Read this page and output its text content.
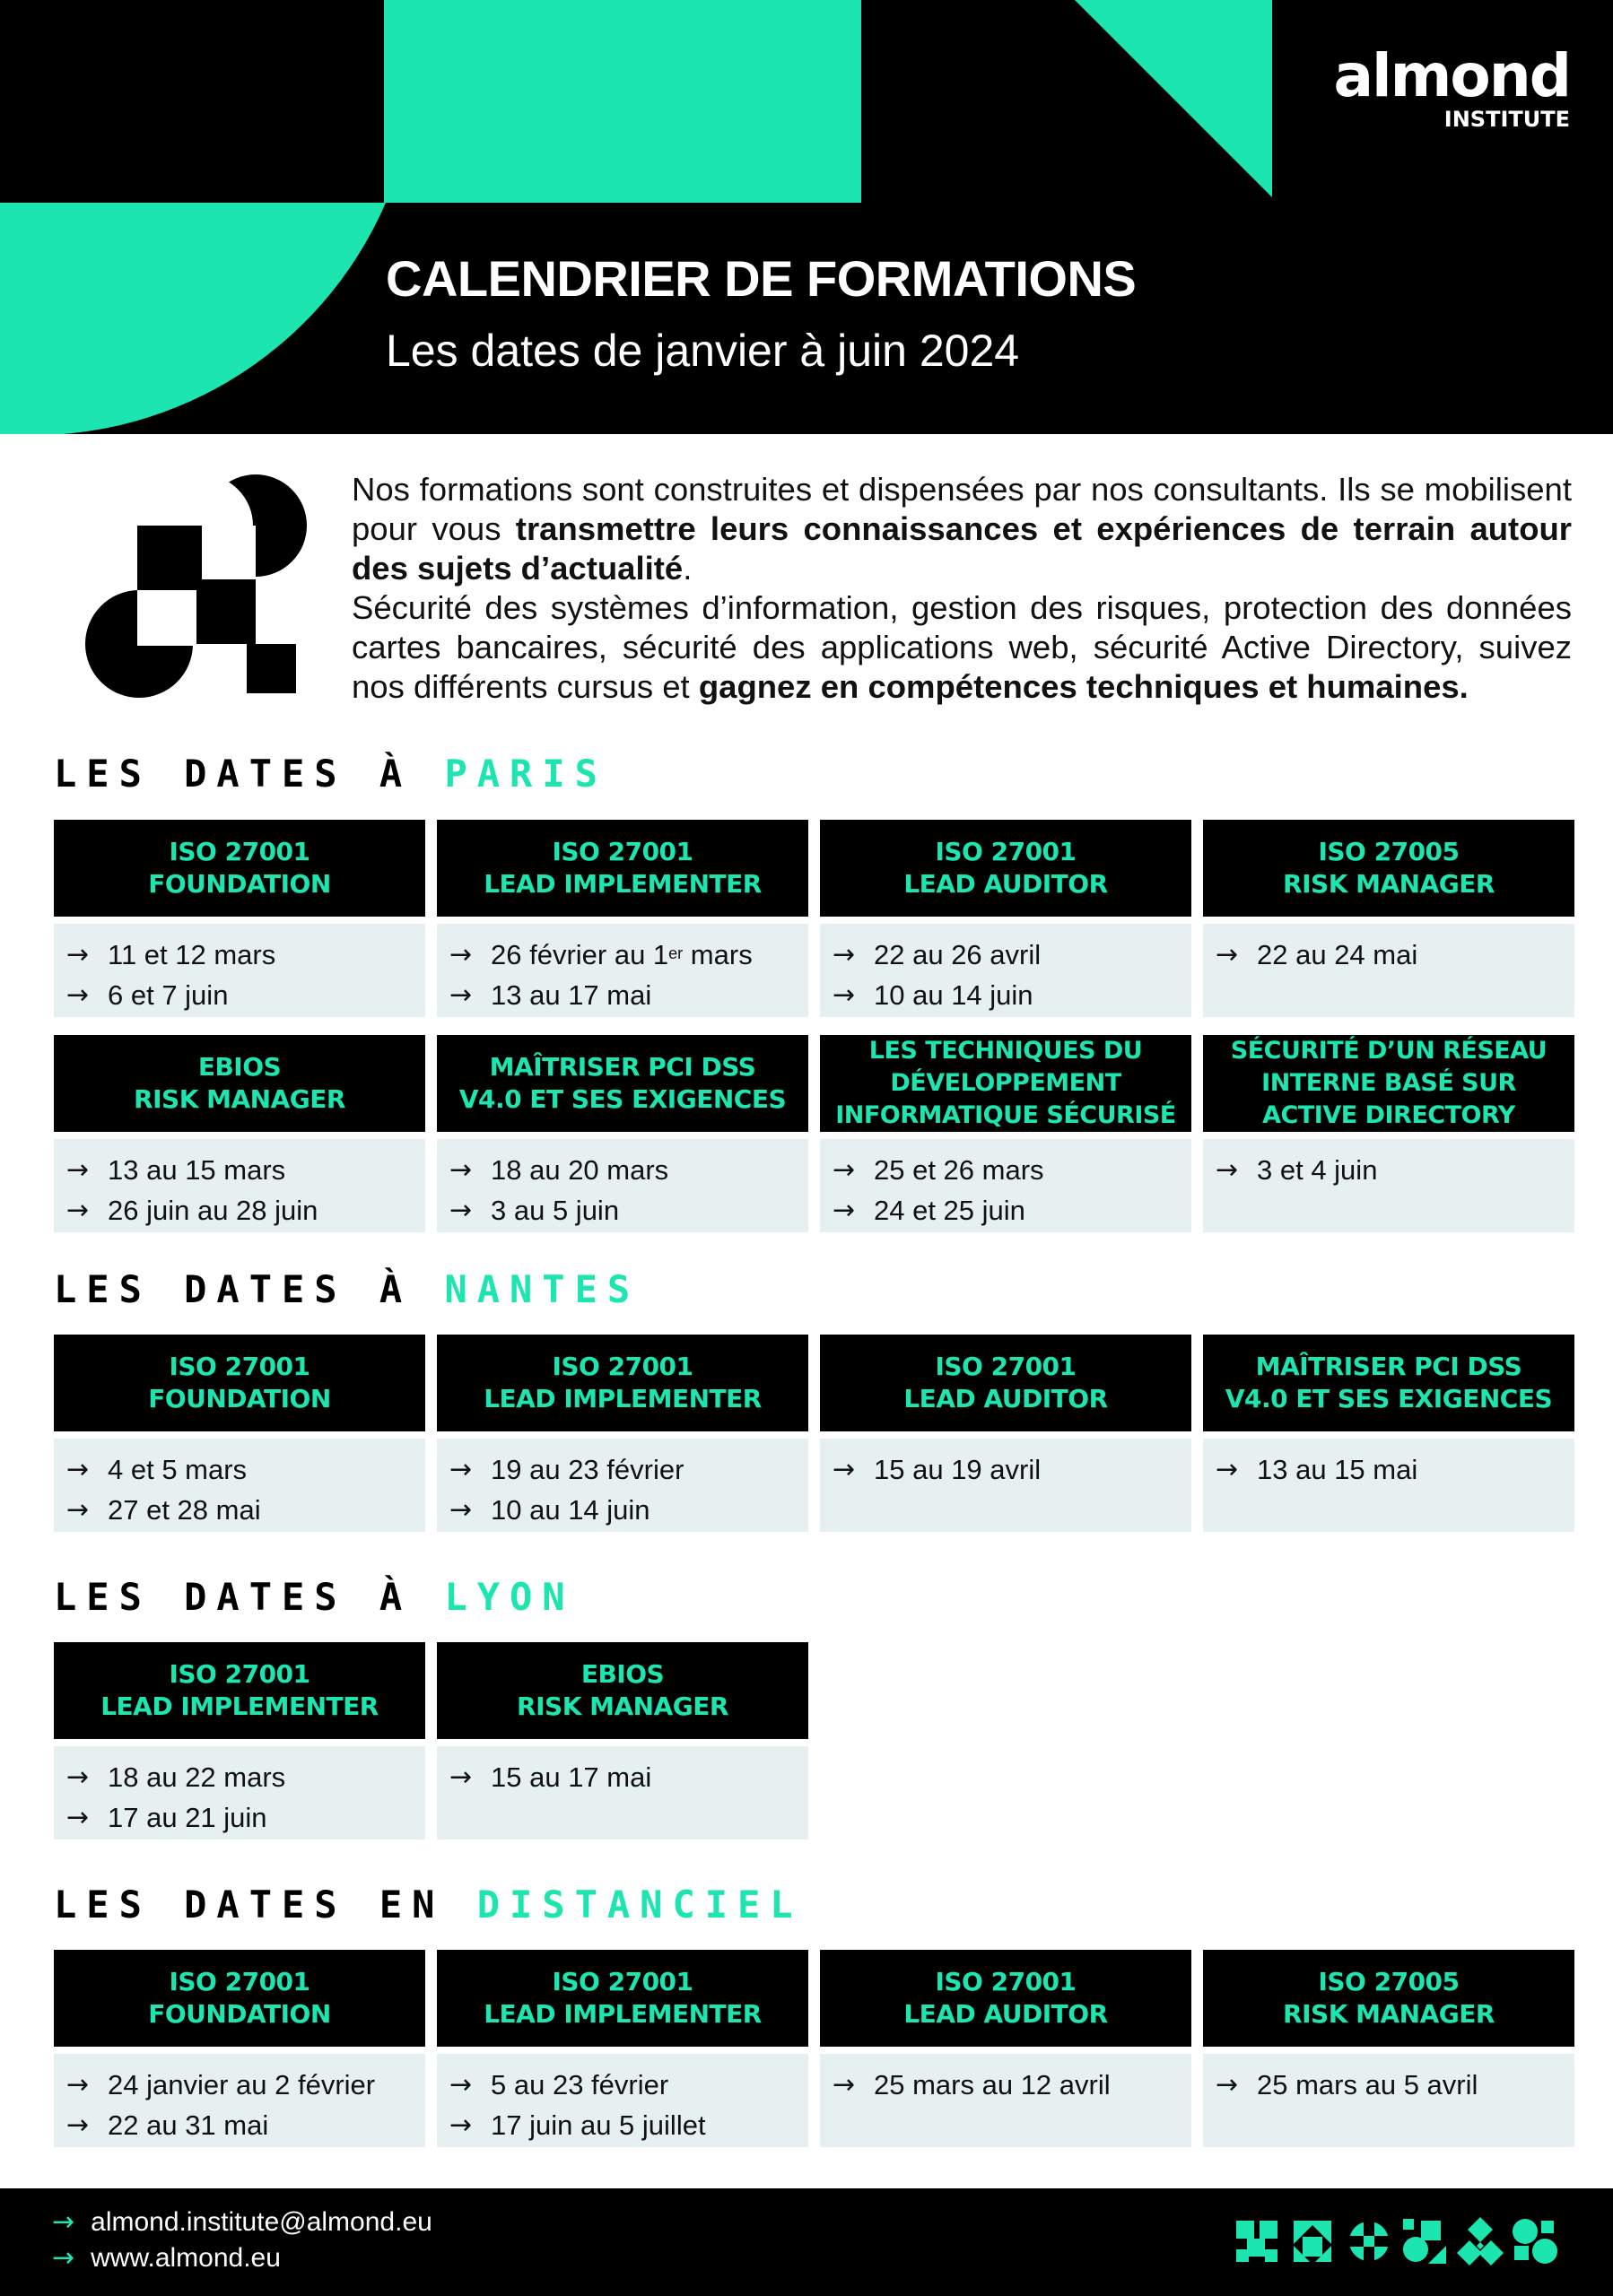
almond
INSTITUTE
CALENDRIER DE FORMATIONS
Les dates de janvier à juin 2024

Nos formations sont construites et dispensées par nos consultants. Ils se mobilisent pour vous transmettre leurs connaissances et expériences de terrain autour des sujets d’actualité.

Sécurité des systèmes d’information, gestion des risques, protection des données cartes bancaires, sécurité des applications web, sécurité Active Directory, suivez nos différents cursus et gagnez en compétences techniques et humaines.

LES DATES À PARIS
LES DATES À NANTES
LES DATES À LYON
LES DATES EN DISTANCIEL
ISO 27001
FOUNDATION
→ 11 et 12 mars
→ 6 et 7 juin
ISO 27001
LEAD IMPLEMENTER
→ 26 février au 1er mars
→ 13 au 17 mai
ISO 27001
LEAD AUDITOR
→ 22 au 26 avril
→ 10 au 14 juin
ISO 27005
RISK MANAGER
→ 22 au 24 mai
EBIOS
RISK MANAGER
→ 13 au 15 mars
→ 26 juin au 28 juin
MAÎTRISER PCI DSS
V4.0 ET SES EXIGENCES
→ 18 au 20 mars
→ 3 au 5 juin
LES TECHNIQUES DU
DÉVELOPPEMENT
INFORMATIQUE SÉCURISÉ
→ 25 et 26 mars
→ 24 et 25 juin
SÉCURITÉ D’UN RÉSEAU
INTERNE BASÉ SUR
ACTIVE DIRECTORY
→ 3 et 4 juin
ISO 27001
FOUNDATION
→ 4 et 5 mars
→ 27 et 28 mai
ISO 27001
LEAD IMPLEMENTER
→ 19 au 23 février
→ 10 au 14 juin
ISO 27001
LEAD AUDITOR
→ 15 au 19 avril
MAÎTRISER PCI DSS
V4.0 ET SES EXIGENCES
→ 13 au 15 mai
ISO 27001
LEAD IMPLEMENTER
→ 18 au 22 mars
→ 17 au 21 juin
EBIOS
RISK MANAGER
→ 15 au 17 mai
ISO 27001
FOUNDATION
→ 24 janvier au 2 février
→ 22 au 31 mai
ISO 27001
LEAD IMPLEMENTER
→ 5 au 23 février
→ 17 juin au 5 juillet
ISO 27001
LEAD AUDITOR
→ 25 mars au 12 avril
ISO 27005
RISK MANAGER
→ 25 mars au 5 avril
→ almond.institute@almond.eu
→ www.almond.eu
